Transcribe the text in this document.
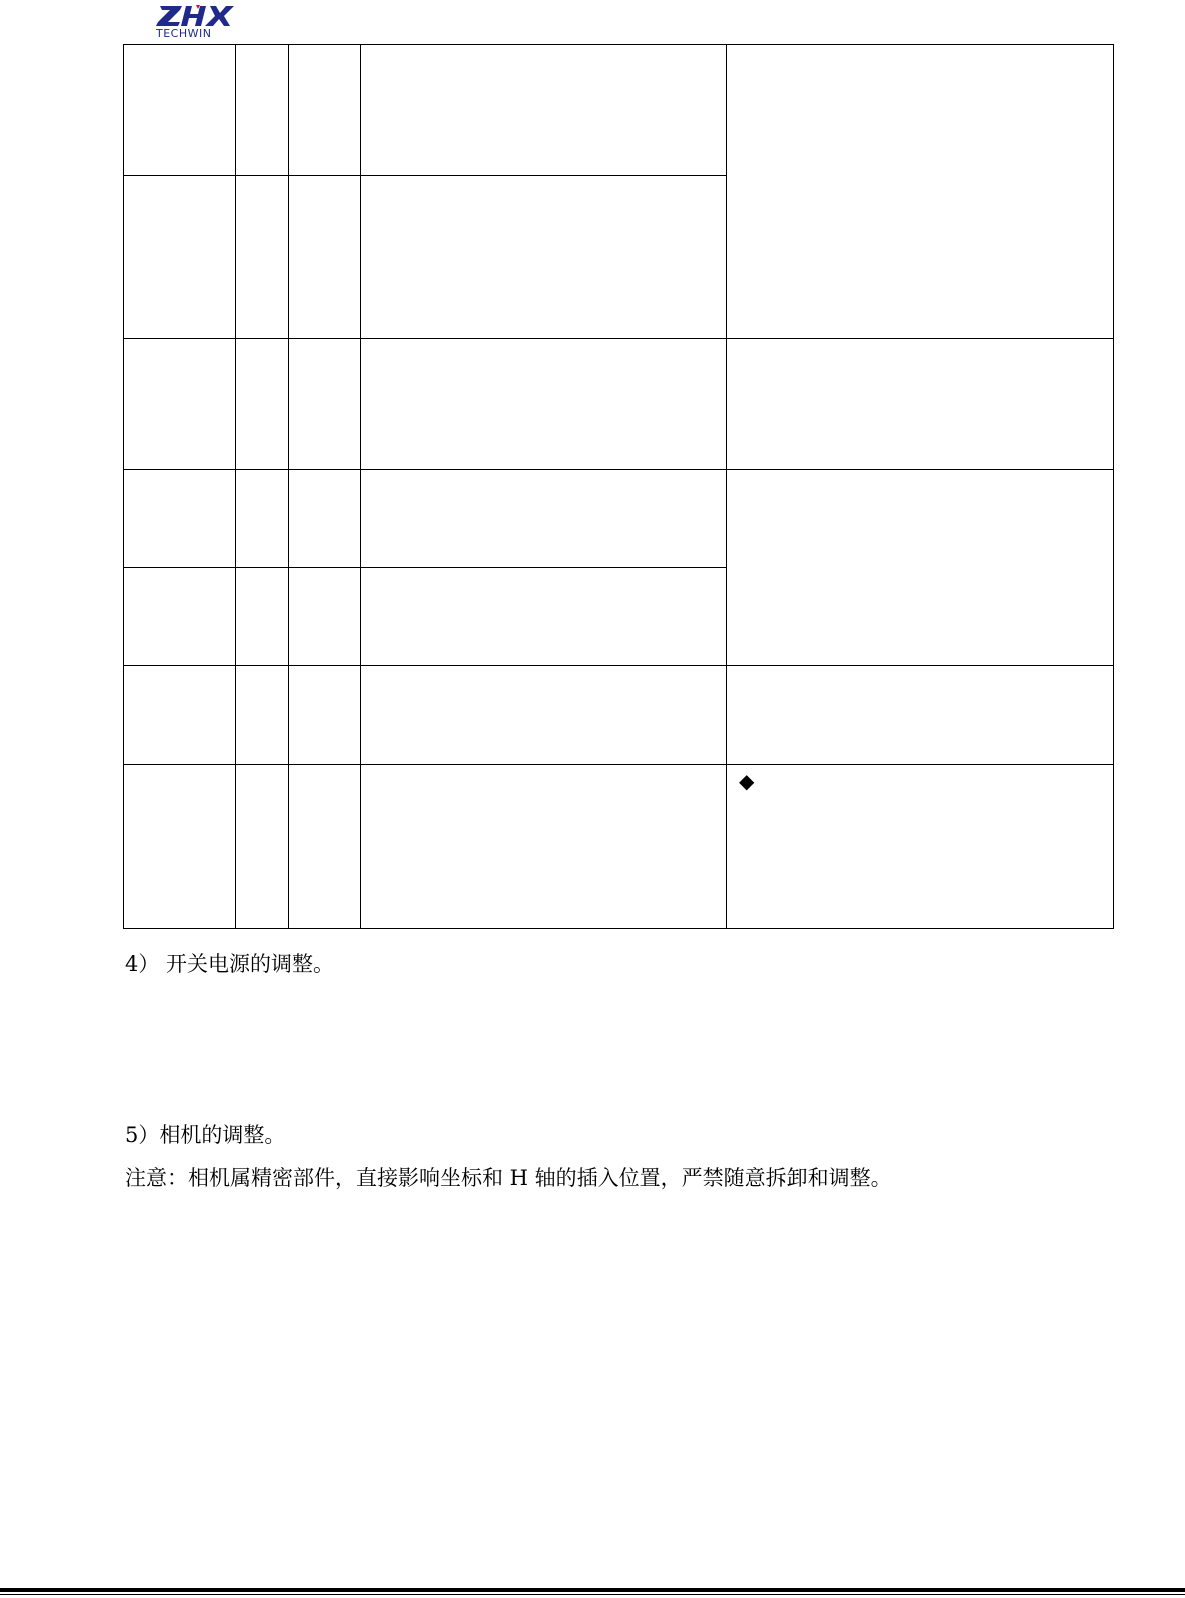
TECHWIN

				◆
4） 开关电源的调整。
5）相机的调整。
注意：相机属精密部件，直接影响坐标和 H 轴的插入位置，严禁随意拆卸和调整。
